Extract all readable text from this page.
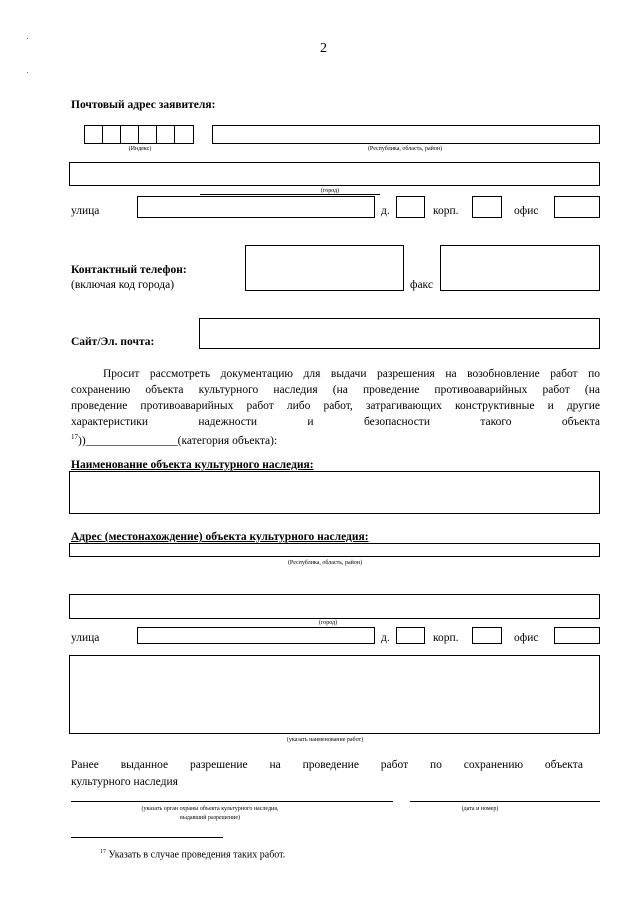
2
Почтовый адрес заявителя:
(Индекс)	(Республика, область, район)
(город)
улица	д.	корп.	офис
Контактный телефон:
(включая код города)	факс
Сайт/Эл. почта:
Просит рассмотреть документацию для выдачи разрешения на возобновление работ по
сохранению объекта культурного наследия (на проведение противоаварийных работ (на
проведение противоаварийных работ либо работ, затрагивающих конструктивные и другие
характеристики надежности и безопасности такого объекта
$^{17}$))________________(категория объекта):
Наименование объекта культурного наследия:
Адрес (местонахождение) объекта культурного наследия:
(Республика, область, район)
(город)
улица	д.	корп.	офис
(указать наименование работ)
Ранее выданное разрешение на проведение работ по сохранению объекта
культурного наследия
(указать орган охраны объекта культурного наследия,
выдавший разрешение)
(дата и номер)
$^{17}$ Указать в случае проведения таких работ.
